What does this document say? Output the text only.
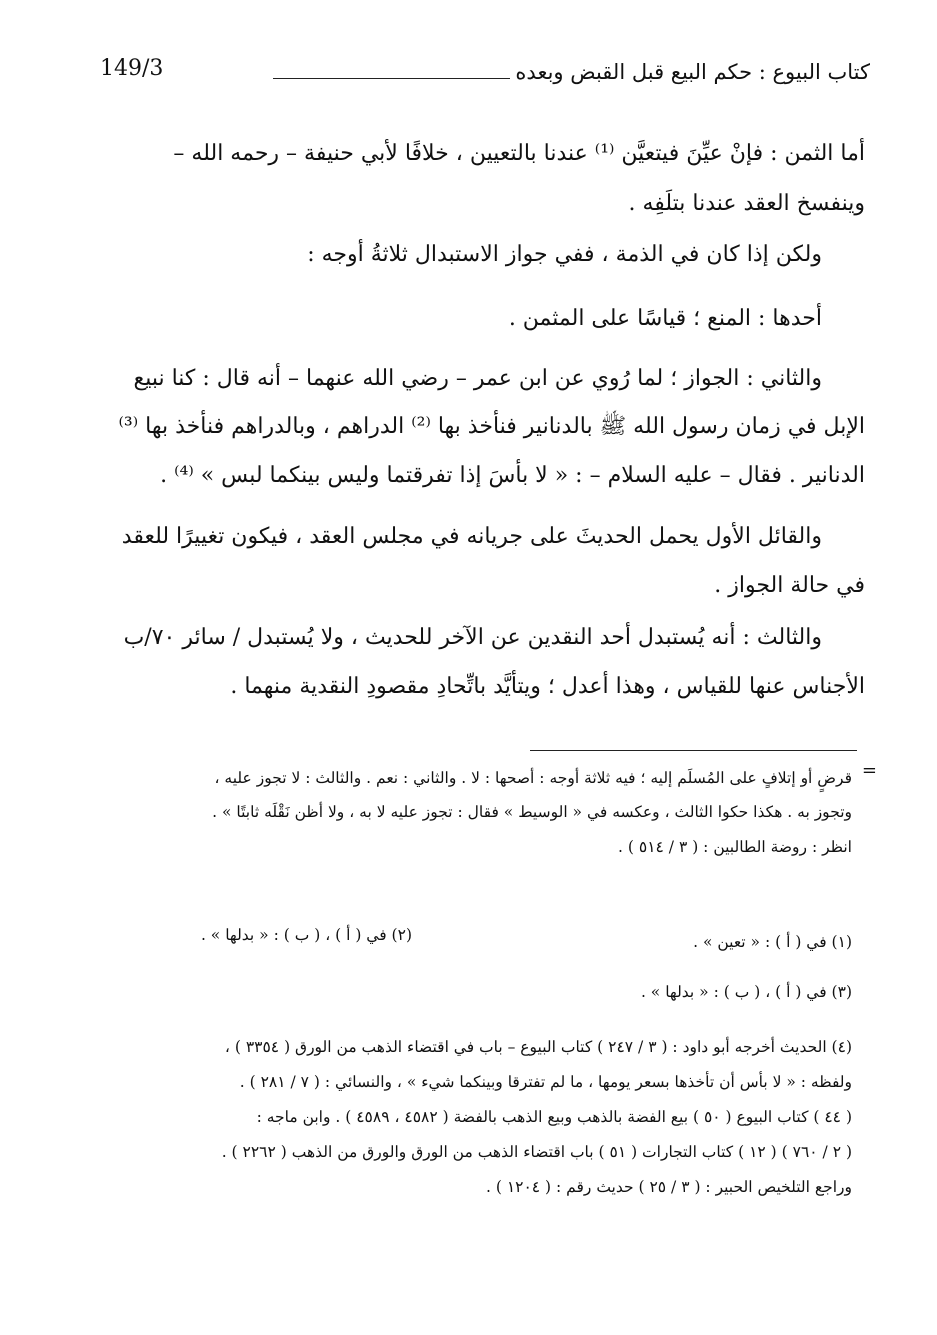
149/3	كتاب البيوع : حكم البيع قبل القبض وبعده
أما الثمن : فإنْ عيِّنَ فيتعيَّن ⁽¹⁾ عندنا بالتعيين ، خلافًا لأبي حنيفة – رحمه الله –
وينفسخ العقد عندنا بتلَفِه .
ولكن إذا كان في الذمة ، ففي جواز الاستبدال ثلاثةُ أوجه :
أحدها : المنع ؛ قياسًا على المثمن .
والثاني : الجواز ؛ لما رُوي عن ابن عمر – رضي الله عنهما – أنه قال : كنا نبيع
الإبل في زمان رسول الله ﷺ بالدنانير فنأخذ بها ⁽²⁾ الدراهم ، وبالدراهم فنأخذ بها ⁽³⁾
الدنانير . فقال – عليه السلام – : « لا بأسَ إذا تفرقتما وليس بينكما لبس » ⁽⁴⁾ .
والقائل الأول يحمل الحديثَ على جريانه في مجلس العقد ، فيكون تغييرًا للعقد
في حالة الجواز .
والثالث : أنه يُستبدل أحد النقدين عن الآخر للحديث ، ولا يُستبدل / سائر ٧٠/ب
الأجناس عنها للقياس ، وهذا أعدل ؛ ويتأيَّد باتِّحادِ مقصودِ النقدية منهما .
=
قرضٍ أو إتلافٍ على المُسلَم إليه ؛ فيه ثلاثة أوجه : أصحها : لا . والثاني : نعم . والثالث : لا تجوز عليه ،
وتجوز به . هكذا حكوا الثالث ، وعكسه في « الوسيط » فقال : تجوز عليه لا به ، ولا أظن نَقْلَه ثابتًا » .
انظر : روضة الطالبين : ( ٣ / ٥١٤ ) .
(١) في ( أ ) : « تعين » .
(٢) في ( أ ) ، ( ب ) : « بدلها » .
(٣) في ( أ ) ، ( ب ) : « بدلها » .
(٤) الحديث أخرجه أبو داود : ( ٣ / ٢٤٧ ) كتاب البيوع – باب في اقتضاء الذهب من الورق ( ٣٣٥٤ ) ،
ولفظه : « لا بأس أن تأخذها بسعر يومها ، ما لم تفترقا وبينكما شيء » ، والنسائي : ( ٧ / ٢٨١ ) .
( ٤٤ ) كتاب البيوع ( ٥٠ ) بيع الفضة بالذهب وبيع الذهب بالفضة ( ٤٥٨٢ ، ٤٥٨٩ ) . وابن ماجه :
( ٢ / ٧٦٠ ) ( ١٢ ) كتاب التجارات ( ٥١ ) باب اقتضاء الذهب من الورق والورق من الذهب ( ٢٢٦٢ ) .
وراجع التلخيص الحبير : ( ٣ / ٢٥ ) حديث رقم : ( ١٢٠٤ ) .
